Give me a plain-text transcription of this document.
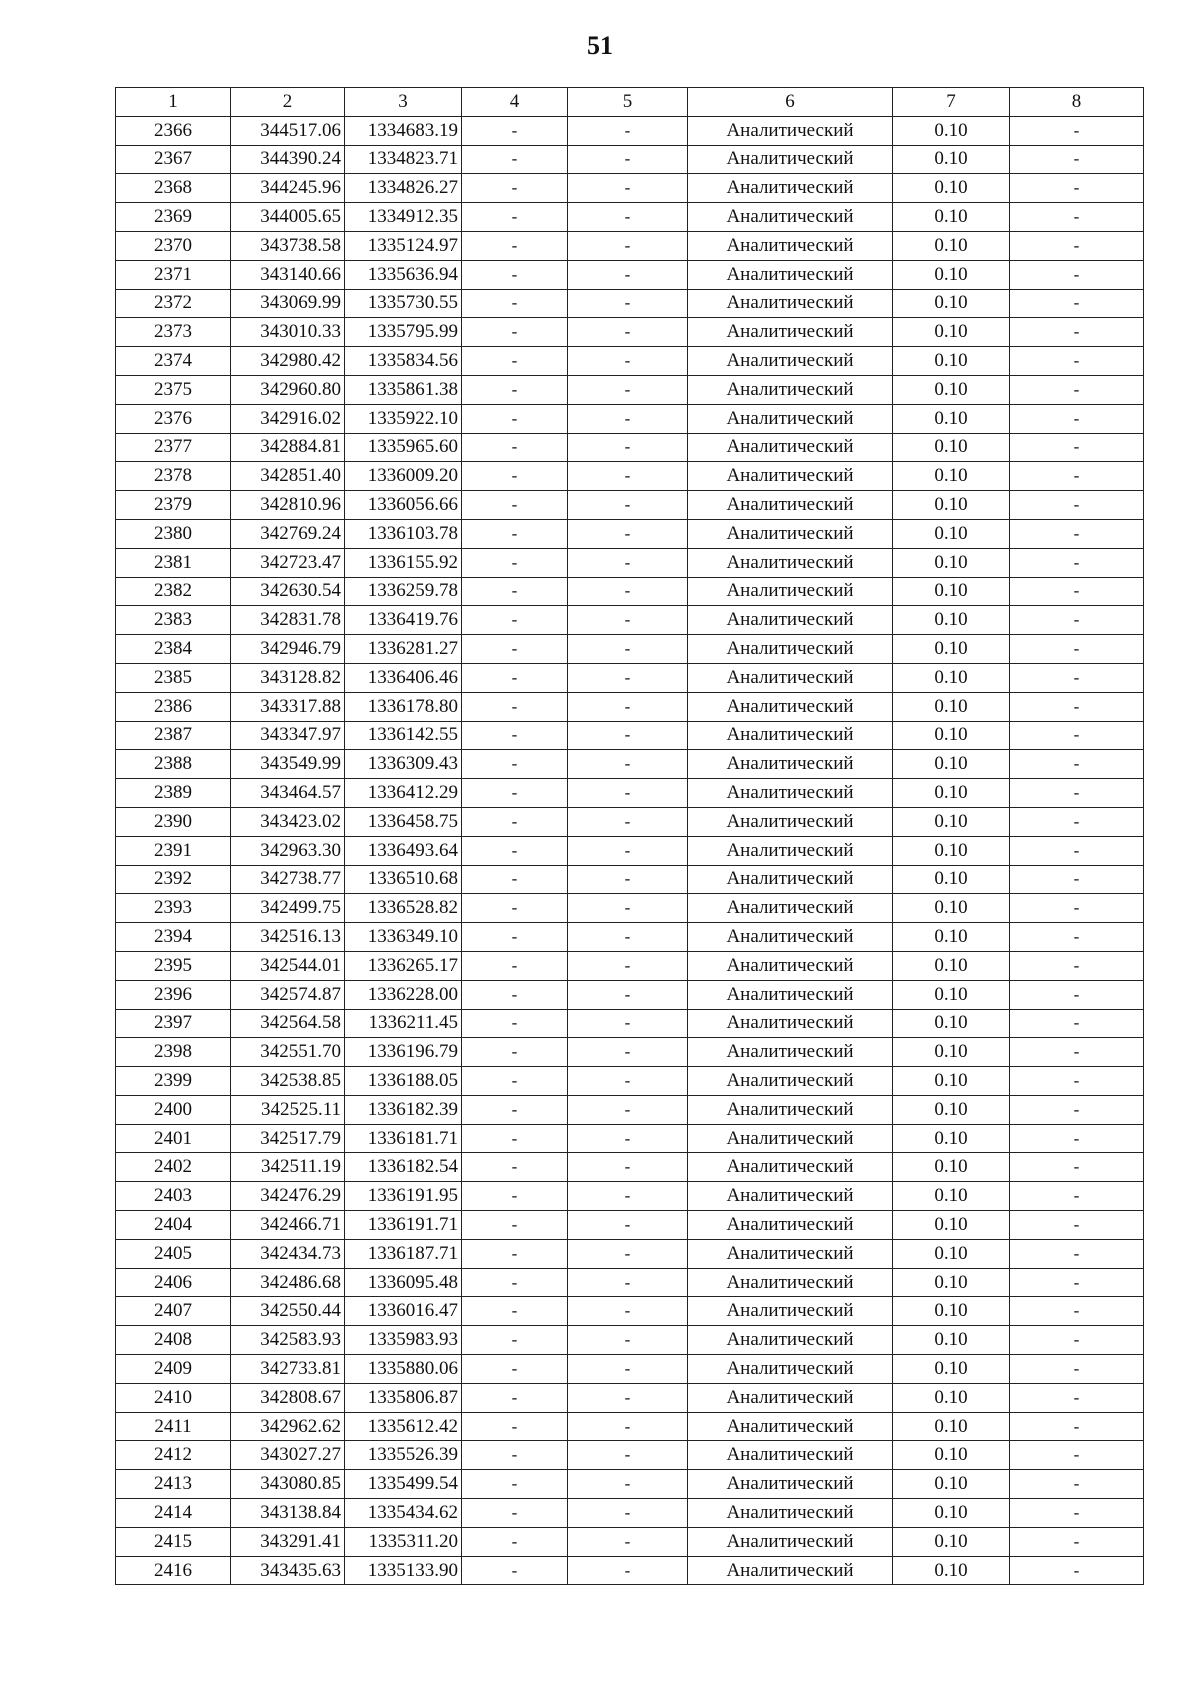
51
1	2	3	4	5	6	7	8
2366	344517.06	1334683.19	-	-	Аналитический	0.10	-
2367	344390.24	1334823.71	-	-	Аналитический	0.10	-
2368	344245.96	1334826.27	-	-	Аналитический	0.10	-
2369	344005.65	1334912.35	-	-	Аналитический	0.10	-
2370	343738.58	1335124.97	-	-	Аналитический	0.10	-
2371	343140.66	1335636.94	-	-	Аналитический	0.10	-
2372	343069.99	1335730.55	-	-	Аналитический	0.10	-
2373	343010.33	1335795.99	-	-	Аналитический	0.10	-
2374	342980.42	1335834.56	-	-	Аналитический	0.10	-
2375	342960.80	1335861.38	-	-	Аналитический	0.10	-
2376	342916.02	1335922.10	-	-	Аналитический	0.10	-
2377	342884.81	1335965.60	-	-	Аналитический	0.10	-
2378	342851.40	1336009.20	-	-	Аналитический	0.10	-
2379	342810.96	1336056.66	-	-	Аналитический	0.10	-
2380	342769.24	1336103.78	-	-	Аналитический	0.10	-
2381	342723.47	1336155.92	-	-	Аналитический	0.10	-
2382	342630.54	1336259.78	-	-	Аналитический	0.10	-
2383	342831.78	1336419.76	-	-	Аналитический	0.10	-
2384	342946.79	1336281.27	-	-	Аналитический	0.10	-
2385	343128.82	1336406.46	-	-	Аналитический	0.10	-
2386	343317.88	1336178.80	-	-	Аналитический	0.10	-
2387	343347.97	1336142.55	-	-	Аналитический	0.10	-
2388	343549.99	1336309.43	-	-	Аналитический	0.10	-
2389	343464.57	1336412.29	-	-	Аналитический	0.10	-
2390	343423.02	1336458.75	-	-	Аналитический	0.10	-
2391	342963.30	1336493.64	-	-	Аналитический	0.10	-
2392	342738.77	1336510.68	-	-	Аналитический	0.10	-
2393	342499.75	1336528.82	-	-	Аналитический	0.10	-
2394	342516.13	1336349.10	-	-	Аналитический	0.10	-
2395	342544.01	1336265.17	-	-	Аналитический	0.10	-
2396	342574.87	1336228.00	-	-	Аналитический	0.10	-
2397	342564.58	1336211.45	-	-	Аналитический	0.10	-
2398	342551.70	1336196.79	-	-	Аналитический	0.10	-
2399	342538.85	1336188.05	-	-	Аналитический	0.10	-
2400	342525.11	1336182.39	-	-	Аналитический	0.10	-
2401	342517.79	1336181.71	-	-	Аналитический	0.10	-
2402	342511.19	1336182.54	-	-	Аналитический	0.10	-
2403	342476.29	1336191.95	-	-	Аналитический	0.10	-
2404	342466.71	1336191.71	-	-	Аналитический	0.10	-
2405	342434.73	1336187.71	-	-	Аналитический	0.10	-
2406	342486.68	1336095.48	-	-	Аналитический	0.10	-
2407	342550.44	1336016.47	-	-	Аналитический	0.10	-
2408	342583.93	1335983.93	-	-	Аналитический	0.10	-
2409	342733.81	1335880.06	-	-	Аналитический	0.10	-
2410	342808.67	1335806.87	-	-	Аналитический	0.10	-
2411	342962.62	1335612.42	-	-	Аналитический	0.10	-
2412	343027.27	1335526.39	-	-	Аналитический	0.10	-
2413	343080.85	1335499.54	-	-	Аналитический	0.10	-
2414	343138.84	1335434.62	-	-	Аналитический	0.10	-
2415	343291.41	1335311.20	-	-	Аналитический	0.10	-
2416	343435.63	1335133.90	-	-	Аналитический	0.10	-
